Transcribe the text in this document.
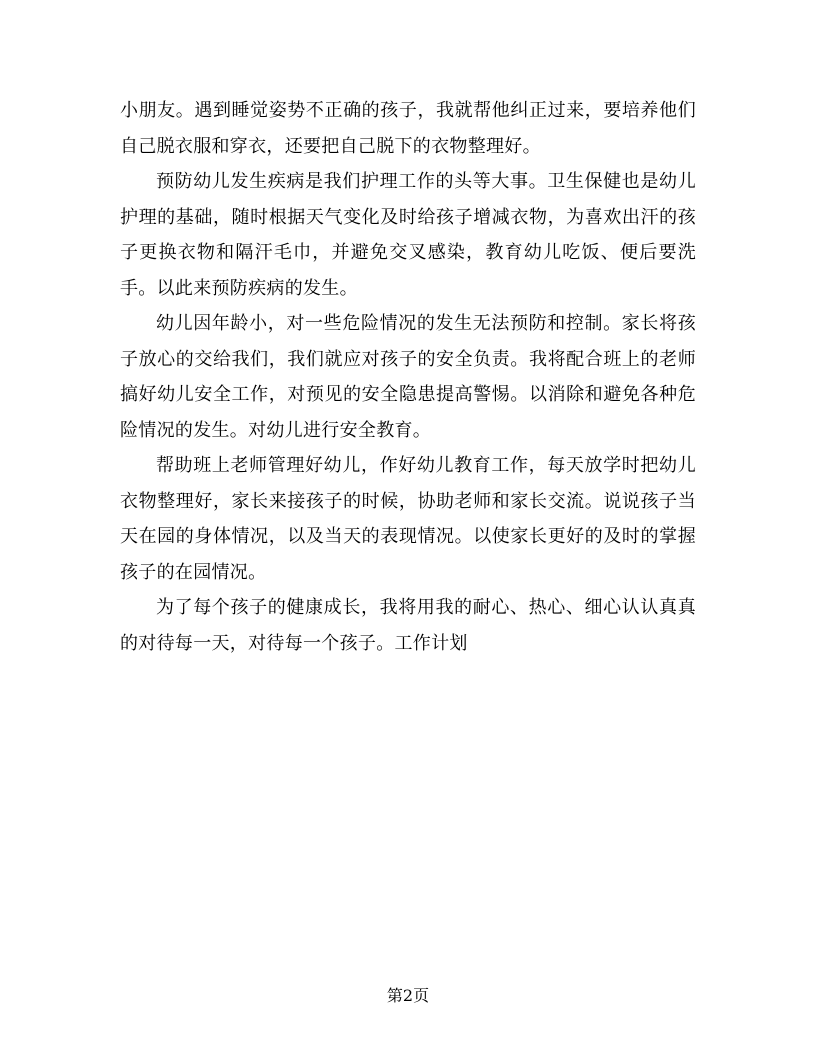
小朋友。遇到睡觉姿势不正确的孩子，我就帮他纠正过来，要培养他们自己脱衣服和穿衣，还要把自己脱下的衣物整理好。

预防幼儿发生疾病是我们护理工作的头等大事。卫生保健也是幼儿护理的基础，随时根据天气变化及时给孩子增减衣物，为喜欢出汗的孩子更换衣物和隔汗毛巾，并避免交叉感染，教育幼儿吃饭、便后要洗手。以此来预防疾病的发生。

幼儿因年龄小，对一些危险情况的发生无法预防和控制。家长将孩子放心的交给我们，我们就应对孩子的安全负责。我将配合班上的老师搞好幼儿安全工作，对预见的安全隐患提高警惕。以消除和避免各种危险情况的发生。对幼儿进行安全教育。

帮助班上老师管理好幼儿，作好幼儿教育工作，每天放学时把幼儿衣物整理好，家长来接孩子的时候，协助老师和家长交流。说说孩子当天在园的身体情况，以及当天的表现情况。以使家长更好的及时的掌握孩子的在园情况。

为了每个孩子的健康成长，我将用我的耐心、热心、细心认认真真的对待每一天，对待每一个孩子。工作计划

第2页
